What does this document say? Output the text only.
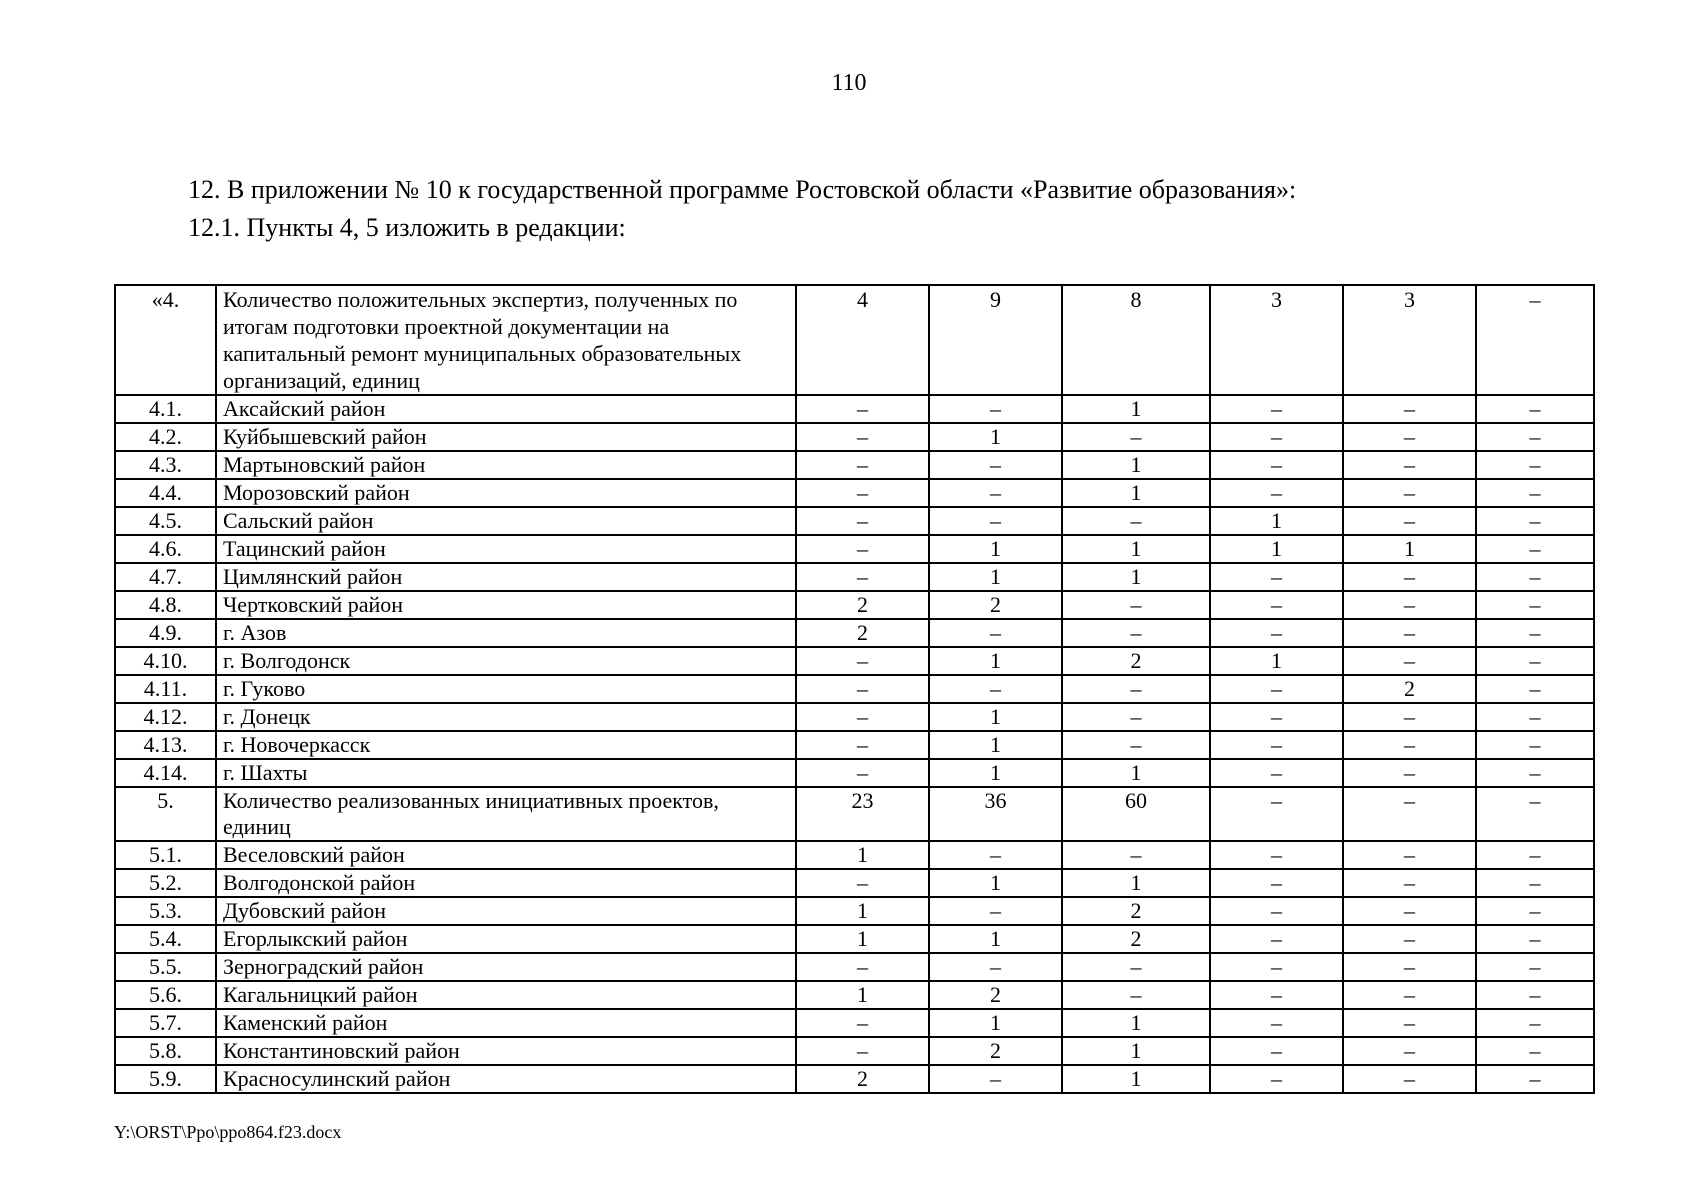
110
12. В приложении № 10 к государственной программе Ростовской области «Развитие образования»:
12.1. Пункты 4, 5 изложить в редакции:
«4.	Количество положительных экспертиз, полученных по итогам подготовки проектной документации на капитальный ремонт муниципальных образовательных организаций, единиц	4	9	8	3	3	–
4.1.	Аксайский район	–	–	1	–	–	–
4.2.	Куйбышевский район	–	1	–	–	–	–
4.3.	Мартыновский район	–	–	1	–	–	–
4.4.	Морозовский район	–	–	1	–	–	–
4.5.	Сальский район	–	–	–	1	–	–
4.6.	Тацинский район	–	1	1	1	1	–
4.7.	Цимлянский район	–	1	1	–	–	–
4.8.	Чертковский район	2	2	–	–	–	–
4.9.	г. Азов	2	–	–	–	–	–
4.10.	г. Волгодонск	–	1	2	1	–	–
4.11.	г. Гуково	–	–	–	–	2	–
4.12.	г. Донецк	–	1	–	–	–	–
4.13.	г. Новочеркасск	–	1	–	–	–	–
4.14.	г. Шахты	–	1	1	–	–	–
5.	Количество реализованных инициативных проектов, единиц	23	36	60	–	–	–
5.1.	Веселовский район	1	–	–	–	–	–
5.2.	Волгодонской район	–	1	1	–	–	–
5.3.	Дубовский район	1	–	2	–	–	–
5.4.	Егорлыкский район	1	1	2	–	–	–
5.5.	Зерноградский район	–	–	–	–	–	–
5.6.	Кагальницкий район	1	2	–	–	–	–
5.7.	Каменский район	–	1	1	–	–	–
5.8.	Константиновский район	–	2	1	–	–	–
5.9.	Красносулинский район	2	–	1	–	–	–
Y:\ORST\Ppo\ppo864.f23.docx
